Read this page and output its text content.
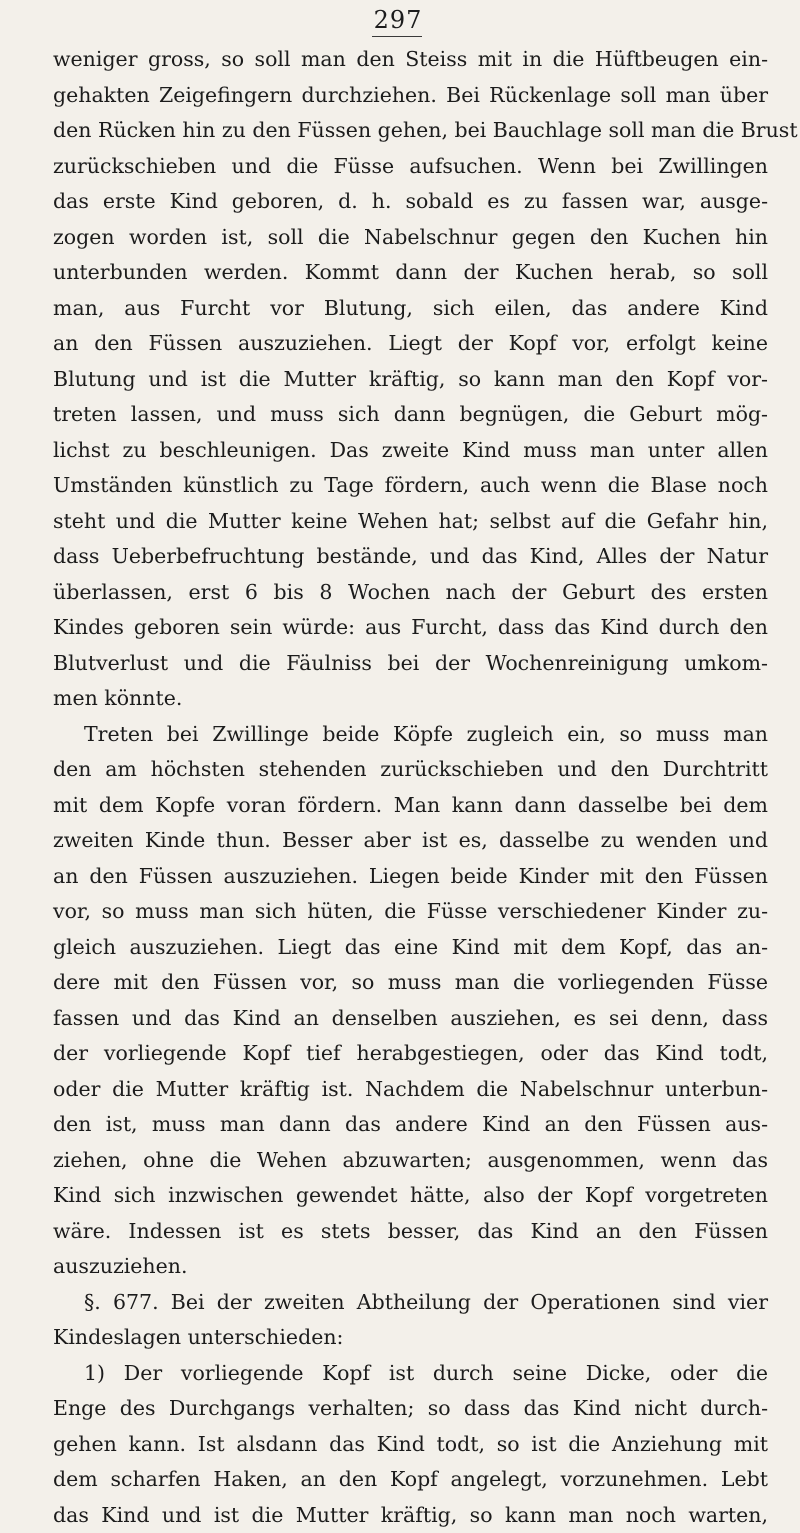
297
weniger gross, so soll man den Steiss mit in die Hüftbeugen ein-
gehakten Zeigefingern durchziehen. Bei Rückenlage soll man über
den Rücken hin zu den Füssen gehen, bei Bauchlage soll man die Brust
zurückschieben und die Füsse aufsuchen. Wenn bei Zwillingen
das erste Kind geboren, d. h. sobald es zu fassen war, ausge-
zogen worden ist, soll die Nabelschnur gegen den Kuchen hin
unterbunden werden. Kommt dann der Kuchen herab, so soll
man, aus Furcht vor Blutung, sich eilen, das andere Kind
an den Füssen auszuziehen. Liegt der Kopf vor, erfolgt keine
Blutung und ist die Mutter kräftig, so kann man den Kopf vor-
treten lassen, und muss sich dann begnügen, die Geburt mög-
lichst zu beschleunigen. Das zweite Kind muss man unter allen
Umständen künstlich zu Tage fördern, auch wenn die Blase noch
steht und die Mutter keine Wehen hat; selbst auf die Gefahr hin,
dass Ueberbefruchtung bestände, und das Kind, Alles der Natur
überlassen, erst 6 bis 8 Wochen nach der Geburt des ersten
Kindes geboren sein würde: aus Furcht, dass das Kind durch den
Blutverlust und die Fäulniss bei der Wochenreinigung umkom-
men könnte.
Treten bei Zwillinge beide Köpfe zugleich ein, so muss man
den am höchsten stehenden zurückschieben und den Durchtritt
mit dem Kopfe voran fördern. Man kann dann dasselbe bei dem
zweiten Kinde thun. Besser aber ist es, dasselbe zu wenden und
an den Füssen auszuziehen. Liegen beide Kinder mit den Füssen
vor, so muss man sich hüten, die Füsse verschiedener Kinder zu-
gleich auszuziehen. Liegt das eine Kind mit dem Kopf, das an-
dere mit den Füssen vor, so muss man die vorliegenden Füsse
fassen und das Kind an denselben ausziehen, es sei denn, dass
der vorliegende Kopf tief herabgestiegen, oder das Kind todt,
oder die Mutter kräftig ist. Nachdem die Nabelschnur unterbun-
den ist, muss man dann das andere Kind an den Füssen aus-
ziehen, ohne die Wehen abzuwarten; ausgenommen, wenn das
Kind sich inzwischen gewendet hätte, also der Kopf vorgetreten
wäre. Indessen ist es stets besser, das Kind an den Füssen
auszuziehen.
§. 677. Bei der zweiten Abtheilung der Operationen sind vier
Kindeslagen unterschieden:
1) Der vorliegende Kopf ist durch seine Dicke, oder die
Enge des Durchgangs verhalten; so dass das Kind nicht durch-
gehen kann. Ist alsdann das Kind todt, so ist die Anziehung mit
dem scharfen Haken, an den Kopf angelegt, vorzunehmen. Lebt
das Kind und ist die Mutter kräftig, so kann man noch warten,
